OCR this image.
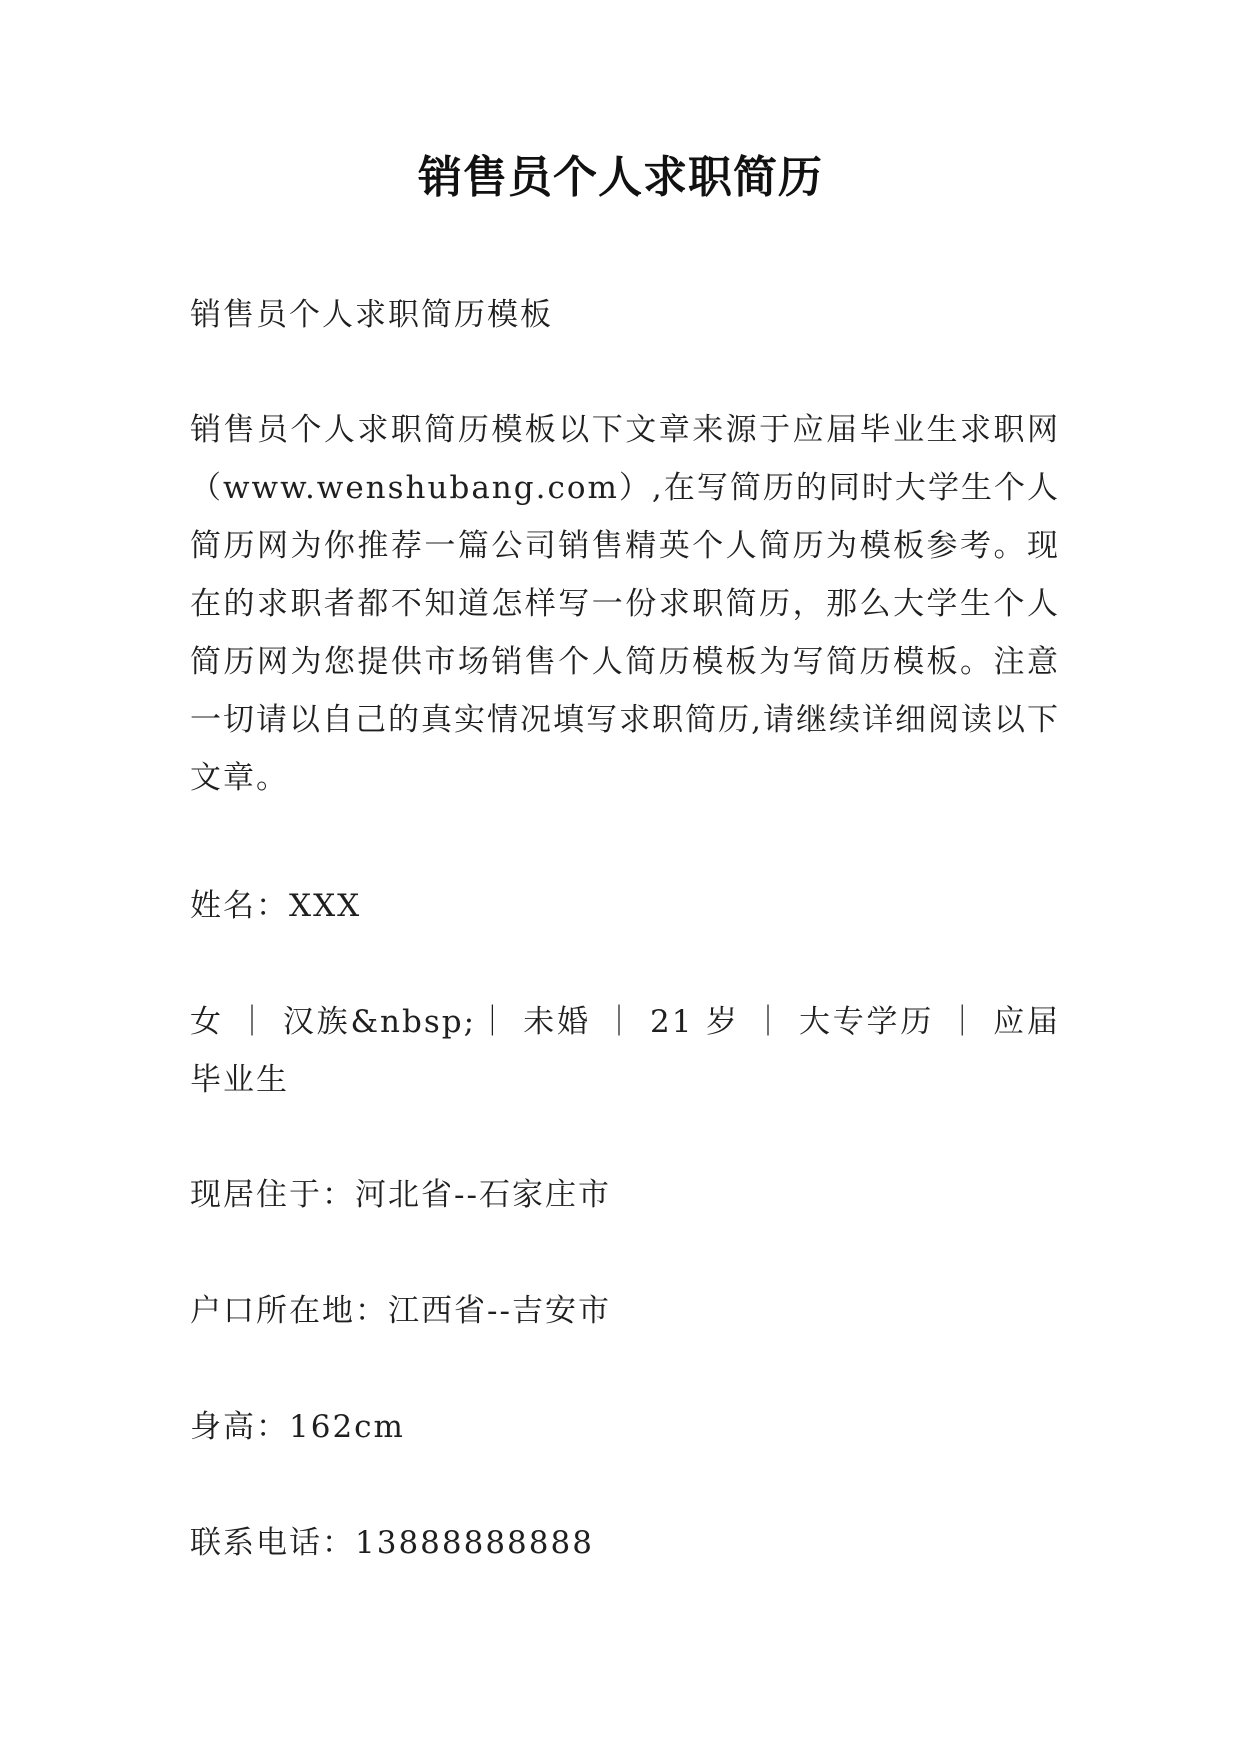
销售员个人求职简历

销售员个人求职简历模板

销售员个人求职简历模板以下文章来源于应届毕业生求职网（www.wenshubang.com）,在写简历的同时大学生个人简历网为你推荐一篇公司销售精英个人简历为模板参考。现在的求职者都不知道怎样写一份求职简历，那么大学生个人简历网为您提供市场销售个人简历模板为写简历模板。注意一切请以自己的真实情况填写求职简历,请继续详细阅读以下文章。

姓名：XXX

女 ｜ 汉族&nbsp;｜ 未婚 ｜ 21 岁 ｜ 大专学历 ｜ 应届毕业生

现居住于：河北省--石家庄市

户口所在地：江西省--吉安市

身高：162cm

联系电话：13888888888
